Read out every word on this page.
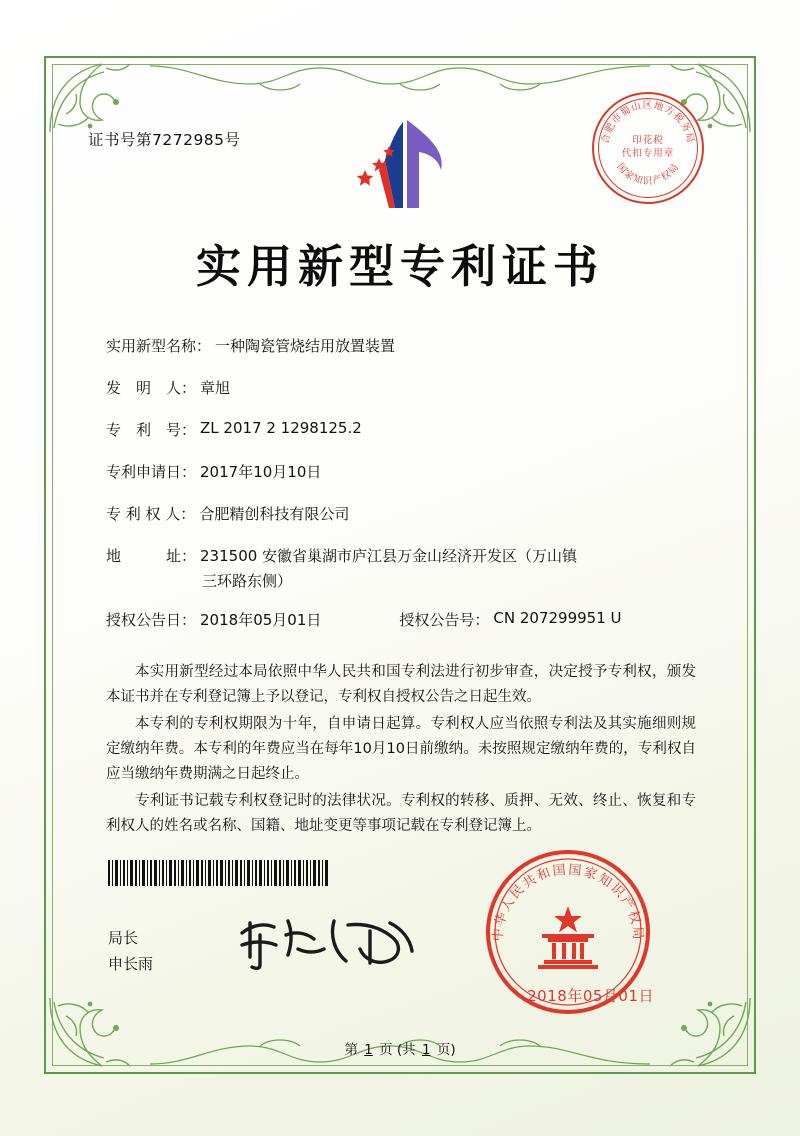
证书号第7272985号	合肥市蜀山区地方税务局
国家知识产权局
印花税
代扣专用章
实用新型专利证书
实用新型名称： 一种陶瓷管烧结用放置装置
发　明　人： 章旭
专　利　号： ZL 2017 2 1298125.2
专利申请日： 2017年10月10日
专 利 权 人： 合肥精创科技有限公司
地　　　址： 231500 安徽省巢湖市庐江县万金山经济开发区（万山镇
三环路东侧）
授权公告日： 2018年05月01日	授权公告号： CN 207299951 U

本实用新型经过本局依照中华人民共和国专利法进行初步审查，决定授予专利权，颁发本证书并在专利登记簿上予以登记，专利权自授权公告之日起生效。

本专利的专利权期限为十年，自申请日起算。专利权人应当依照专利法及其实施细则规定缴纳年费。本专利的年费应当在每年10月10日前缴纳。未按照规定缴纳年费的，专利权自应当缴纳年费期满之日起终止。

专利证书记载专利权登记时的法律状况。专利权的转移、质押、无效、终止、恢复和专利权人的姓名或名称、国籍、地址变更等事项记载在专利登记簿上。

局长
申长雨
中华人民共和国国家知识产权局
2018年05月01日
第 1 页 (共 1 页)
